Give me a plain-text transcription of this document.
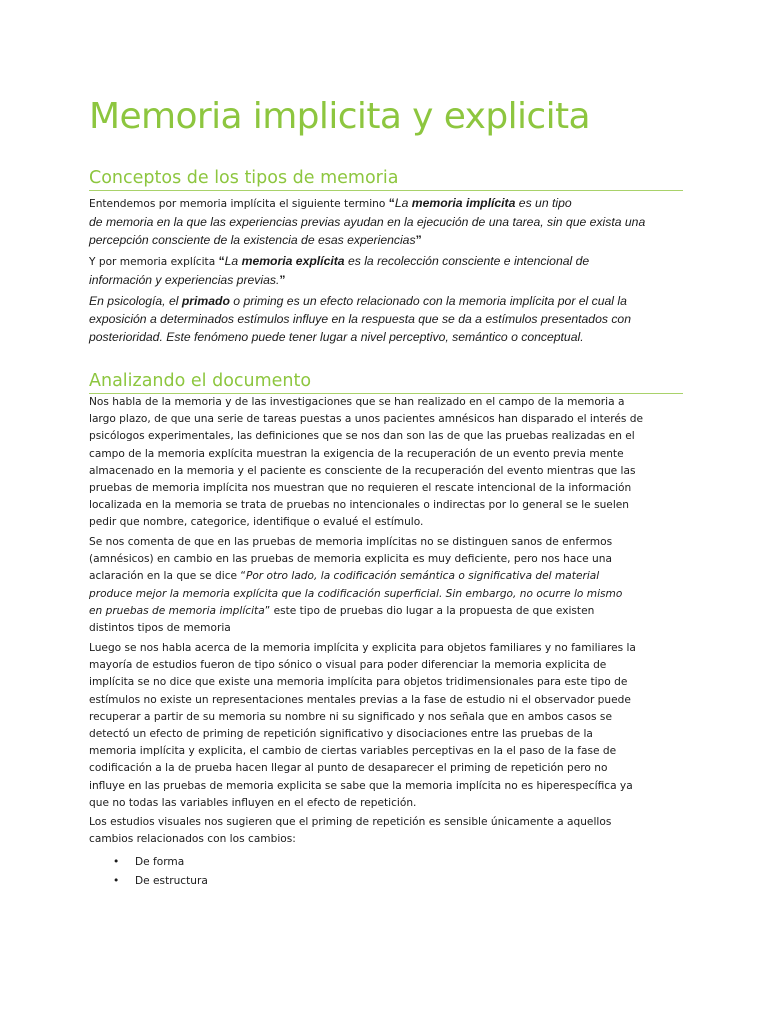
Memoria implicita y explicita
Conceptos de los tipos de memoria

Entendemos por memoria implícita el siguiente termino “La memoria implícita es un tipo
de memoria en la que las experiencias previas ayudan en la ejecución de una tarea, sin que exista una
percepción consciente de la existencia de esas experiencias”

Y por memoria explícita “La memoria explícita es la recolección consciente e intencional de
información y experiencias previas.”

En psicología, el primado o priming es un efecto relacionado con la memoria implícita por el cual la
exposición a determinados estímulos influye en la respuesta que se da a estímulos presentados con
posterioridad. Este fenómeno puede tener lugar a nivel perceptivo, semántico o conceptual.

Analizando el documento

Nos habla de la memoria y de las investigaciones que se han realizado en el campo de la memoria a
largo plazo, de que una serie de tareas puestas a unos pacientes amnésicos han disparado el interés de
psicólogos experimentales, las definiciones que se nos dan son las de que las pruebas realizadas en el
campo de la memoria explícita muestran la exigencia de la recuperación de un evento previa mente
almacenado en la memoria y el paciente es consciente de la recuperación del evento mientras que las
pruebas de memoria implícita nos muestran que no requieren el rescate intencional de la información
localizada en la memoria se trata de pruebas no intencionales o indirectas por lo general se le suelen
pedir que nombre, categorice, identifique o evalué el estímulo.

Se nos comenta de que en las pruebas de memoria implícitas no se distinguen sanos de enfermos
(amnésicos) en cambio en las pruebas de memoria explicita es muy deficiente, pero nos hace una
aclaración en la que se dice “Por otro lado, la codificación semántica o significativa del material
produce mejor la memoria explícita que la codificación superficial. Sin embargo, no ocurre lo mismo
en pruebas de memoria implícita” este tipo de pruebas dio lugar a la propuesta de que existen
distintos tipos de memoria

Luego se nos habla acerca de la memoria implícita y explicita para objetos familiares y no familiares la
mayoría de estudios fueron de tipo sónico o visual para poder diferenciar la memoria explicita de
implícita se no dice que existe una memoria implícita para objetos tridimensionales para este tipo de
estímulos no existe un representaciones mentales previas a la fase de estudio ni el observador puede
recuperar a partir de su memoria su nombre ni su significado y nos señala que en ambos casos se
detectó un efecto de priming de repetición significativo y disociaciones entre las pruebas de la
memoria implícita y explicita, el cambio de ciertas variables perceptivas en la el paso de la fase de
codificación a la de prueba hacen llegar al punto de desaparecer el priming de repetición pero no
influye en las pruebas de memoria explicita se sabe que la memoria implícita no es hiperespecífica ya
que no todas las variables influyen en el efecto de repetición.

Los estudios visuales nos sugieren que el priming de repetición es sensible únicamente a aquellos
cambios relacionados con los cambios:

• De forma
• De estructura
